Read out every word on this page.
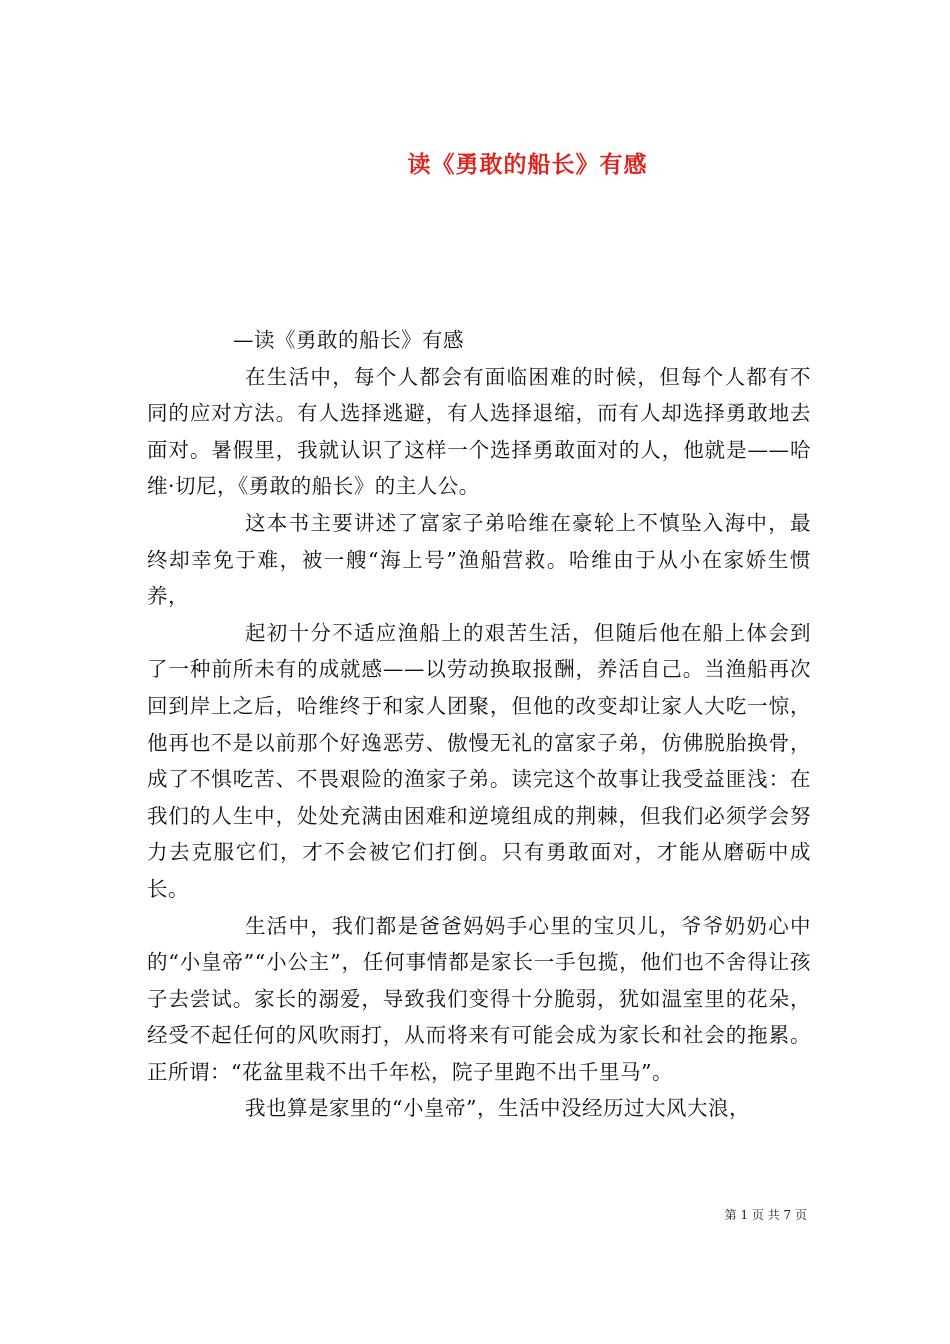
读《勇敢的船长》有感

—读《勇敢的船长》有感

在生活中，每个人都会有面临困难的时候，但每个人都有不同的应对方法。有人选择逃避，有人选择退缩，而有人却选择勇敢地去面对。暑假里，我就认识了这样一个选择勇敢面对的人，他就是——哈维·切尼，《勇敢的船长》的主人公。

这本书主要讲述了富家子弟哈维在豪轮上不慎坠入海中，最终却幸免于难，被一艘“海上号”渔船营救。哈维由于从小在家娇生惯养，

起初十分不适应渔船上的艰苦生活，但随后他在船上体会到了一种前所未有的成就感——以劳动换取报酬，养活自己。当渔船再次回到岸上之后，哈维终于和家人团聚，但他的改变却让家人大吃一惊，他再也不是以前那个好逸恶劳、傲慢无礼的富家子弟，仿佛脱胎换骨，成了不惧吃苦、不畏艰险的渔家子弟。读完这个故事让我受益匪浅：在我们的人生中，处处充满由困难和逆境组成的荆棘，但我们必须学会努力去克服它们，才不会被它们打倒。只有勇敢面对，才能从磨砺中成长。

生活中，我们都是爸爸妈妈手心里的宝贝儿，爷爷奶奶心中的“小皇帝”“小公主”，任何事情都是家长一手包揽，他们也不舍得让孩子去尝试。家长的溺爱，导致我们变得十分脆弱，犹如温室里的花朵，经受不起任何的风吹雨打，从而将来有可能会成为家长和社会的拖累。正所谓：“花盆里栽不出千年松，院子里跑不出千里马”。

我也算是家里的“小皇帝”，生活中没经历过大风大浪，

第 1 页 共 7 页
